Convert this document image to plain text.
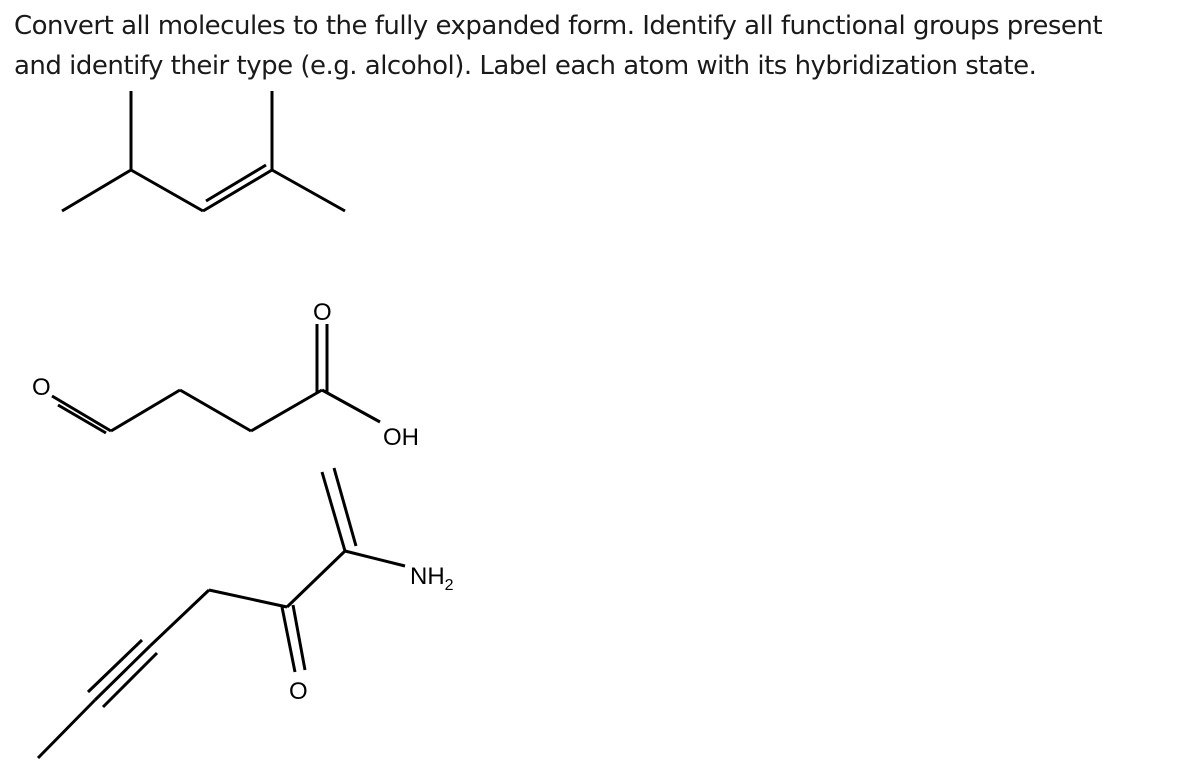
Convert all molecules to the fully expanded form. Identify all functional groups present
and identify their type (e.g. alcohol). Label each atom with its hybridization state.
O
O
OH
$NH_2$
O
